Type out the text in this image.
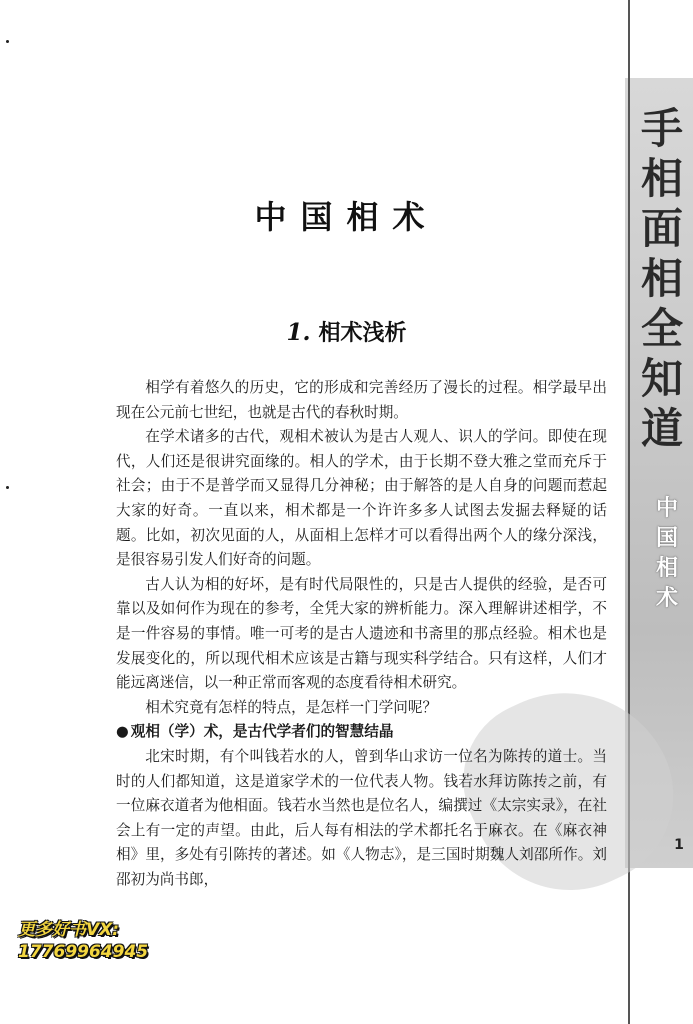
手
相
面
相
全
知
道
中
国
相
术
1
中国相术
1. 相术浅析

相学有着悠久的历史，它的形成和完善经历了漫长的过程。相学最早出现在公元前七世纪，也就是古代的春秋时期。

在学术诸多的古代，观相术被认为是古人观人、识人的学问。即使在现代，人们还是很讲究面缘的。相人的学术，由于长期不登大雅之堂而充斥于社会；由于不是普学而又显得几分神秘；由于解答的是人自身的问题而惹起大家的好奇。一直以来，相术都是一个许许多多人试图去发掘去释疑的话题。比如，初次见面的人，从面相上怎样才可以看得出两个人的缘分深浅，是很容易引发人们好奇的问题。

古人认为相的好坏，是有时代局限性的，只是古人提供的经验，是否可靠以及如何作为现在的参考，全凭大家的辨析能力。深入理解讲述相学，不是一件容易的事情。唯一可考的是古人遗迹和书斋里的那点经验。相术也是发展变化的，所以现代相术应该是古籍与现实科学结合。只有这样，人们才能远离迷信，以一种正常而客观的态度看待相术研究。

相术究竟有怎样的特点，是怎样一门学问呢？

● 观相（学）术，是古代学者们的智慧结晶

北宋时期，有个叫钱若水的人，曾到华山求访一位名为陈抟的道士。当时的人们都知道，这是道家学术的一位代表人物。钱若水拜访陈抟之前，有一位麻衣道者为他相面。钱若水当然也是位名人，编撰过《太宗实录》，在社会上有一定的声望。由此，后人每有相法的学术都托名于麻衣。在《麻衣神相》里，多处有引陈抟的著述。如《人物志》，是三国时期魏人刘邵所作。刘邵初为尚书郎，

更多好书VX:
17769964945
